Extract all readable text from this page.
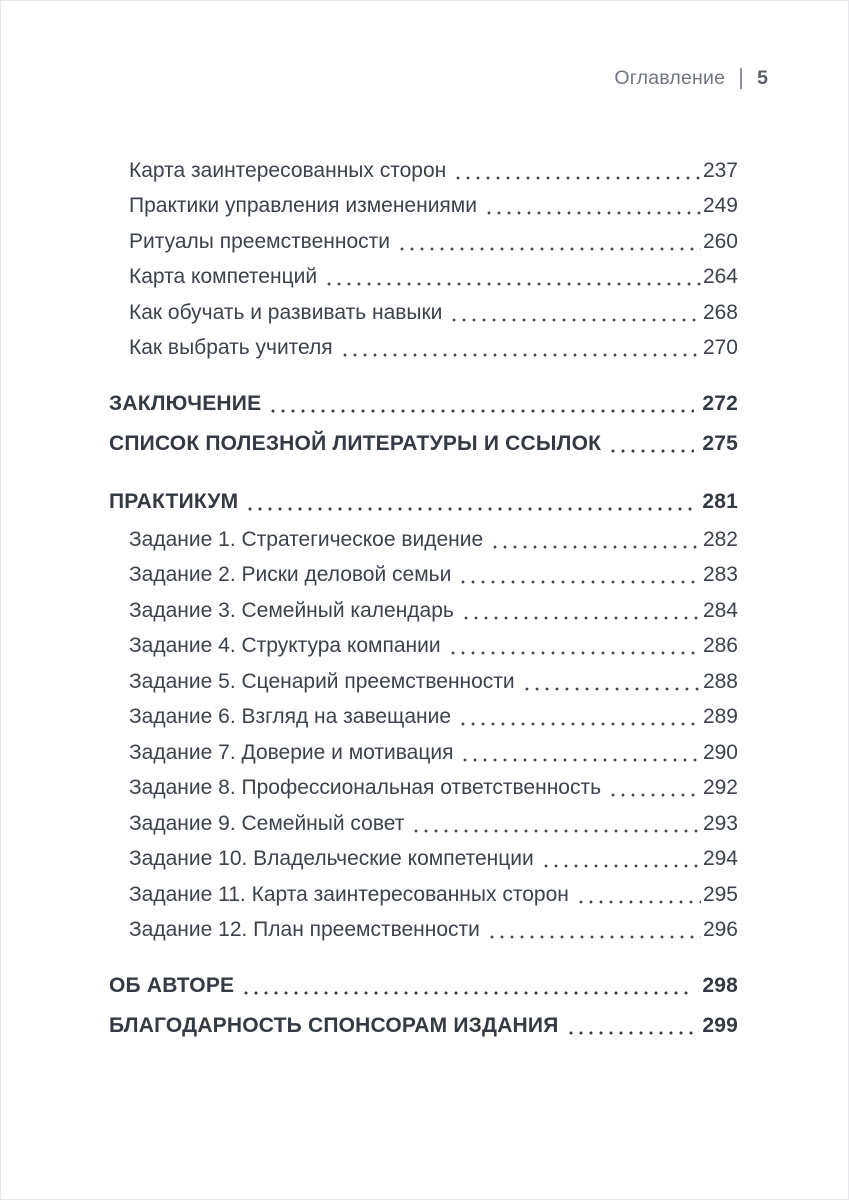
Оглавление 5
Карта заинтересованных сторон	237
Практики управления изменениями	249
Ритуалы преемственности	260
Карта компетенций	264
Как обучать и развивать навыки	268
Как выбрать учителя	270
ЗАКЛЮЧЕНИЕ	272
СПИСОК ПОЛЕЗНОЙ ЛИТЕРАТУРЫ И ССЫЛОК	275
ПРАКТИКУМ	281
Задание 1. Стратегическое видение	282
Задание 2. Риски деловой семьи	283
Задание 3. Семейный календарь	284
Задание 4. Структура компании	286
Задание 5. Сценарий преемственности	288
Задание 6. Взгляд на завещание	289
Задание 7. Доверие и мотивация	290
Задание 8. Профессиональная ответственность	292
Задание 9. Семейный совет	293
Задание 10. Владельческие компетенции	294
Задание 11. Карта заинтересованных сторон	295
Задание 12. План преемственности	296
ОБ АВТОРЕ	298
БЛАГОДАРНОСТЬ СПОНСОРАМ ИЗДАНИЯ	299
